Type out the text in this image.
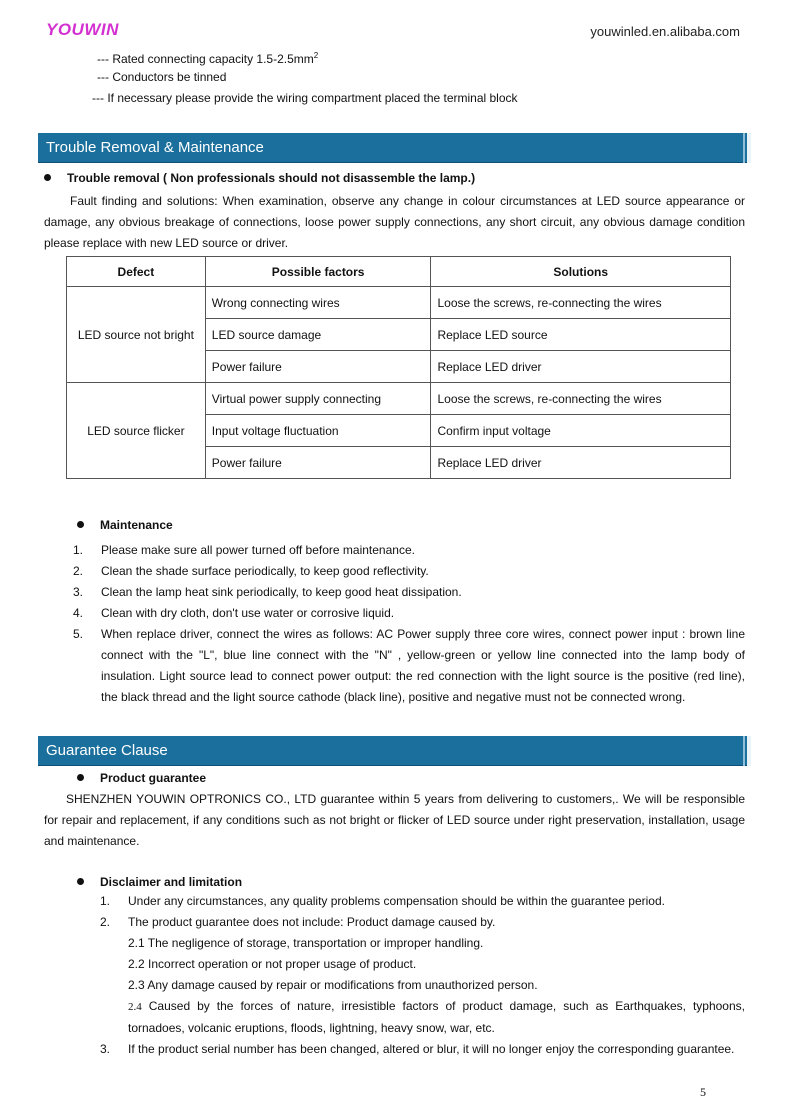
YOUWIN	youwinled.en.alibaba.com
--- Rated connecting capacity $1.5-2.5mm^2$
--- Conductors be tinned
--- If necessary please provide the wiring compartment placed the terminal block
Trouble Removal & Maintenance
Trouble removal ( Non professionals should not disassemble the lamp.)
Fault finding and solutions: When examination, observe any change in colour circumstances at LED source appearance or damage, any obvious breakage of connections, loose power supply connections, any short circuit, any obvious damage condition please replace with new LED source or driver.
Defect	Possible factors	Solutions
LED source not bright	Wrong connecting wires	Loose the screws, re-connecting the wires
	LED source damage	Replace LED source
	Power failure	Replace LED driver
LED source flicker	Virtual power supply connecting	Loose the screws, re-connecting the wires
	Input voltage fluctuation	Confirm input voltage
	Power failure	Replace LED driver
Maintenance
1.	Please make sure all power turned off before maintenance.
2.	Clean the shade surface periodically, to keep good reflectivity.
3.	Clean the lamp heat sink periodically, to keep good heat dissipation.
4.	Clean with dry cloth, don't use water or corrosive liquid.
5.	When replace driver, connect the wires as follows: AC Power supply three core wires, connect power input : brown line connect with the "L", blue line connect with the "N" , yellow-green or yellow line connected into the lamp body of insulation. Light source lead to connect power output: the red connection with the light source is the positive (red line), the black thread and the light source cathode (black line), positive and negative must not be connected wrong.
Guarantee Clause
Product guarantee
SHENZHEN YOUWIN OPTRONICS CO., LTD guarantee within 5 years from delivering to customers,. We will be responsible for repair and replacement, if any conditions such as not bright or flicker of LED source under right preservation, installation, usage and maintenance.
Disclaimer and limitation
1.	Under any circumstances, any quality problems compensation should be within the guarantee period.
2.	The product guarantee does not include: Product damage caused by.
2.1 The negligence of storage, transportation or improper handling.
2.2 Incorrect operation or not proper usage of product.
2.3 Any damage caused by repair or modifications from unauthorized person.
2.4 Caused by the forces of nature, irresistible factors of product damage, such as Earthquakes, typhoons, tornadoes, volcanic eruptions, floods, lightning, heavy snow, war, etc.
3.	If the product serial number has been changed, altered or blur, it will no longer enjoy the corresponding guarantee.
5
